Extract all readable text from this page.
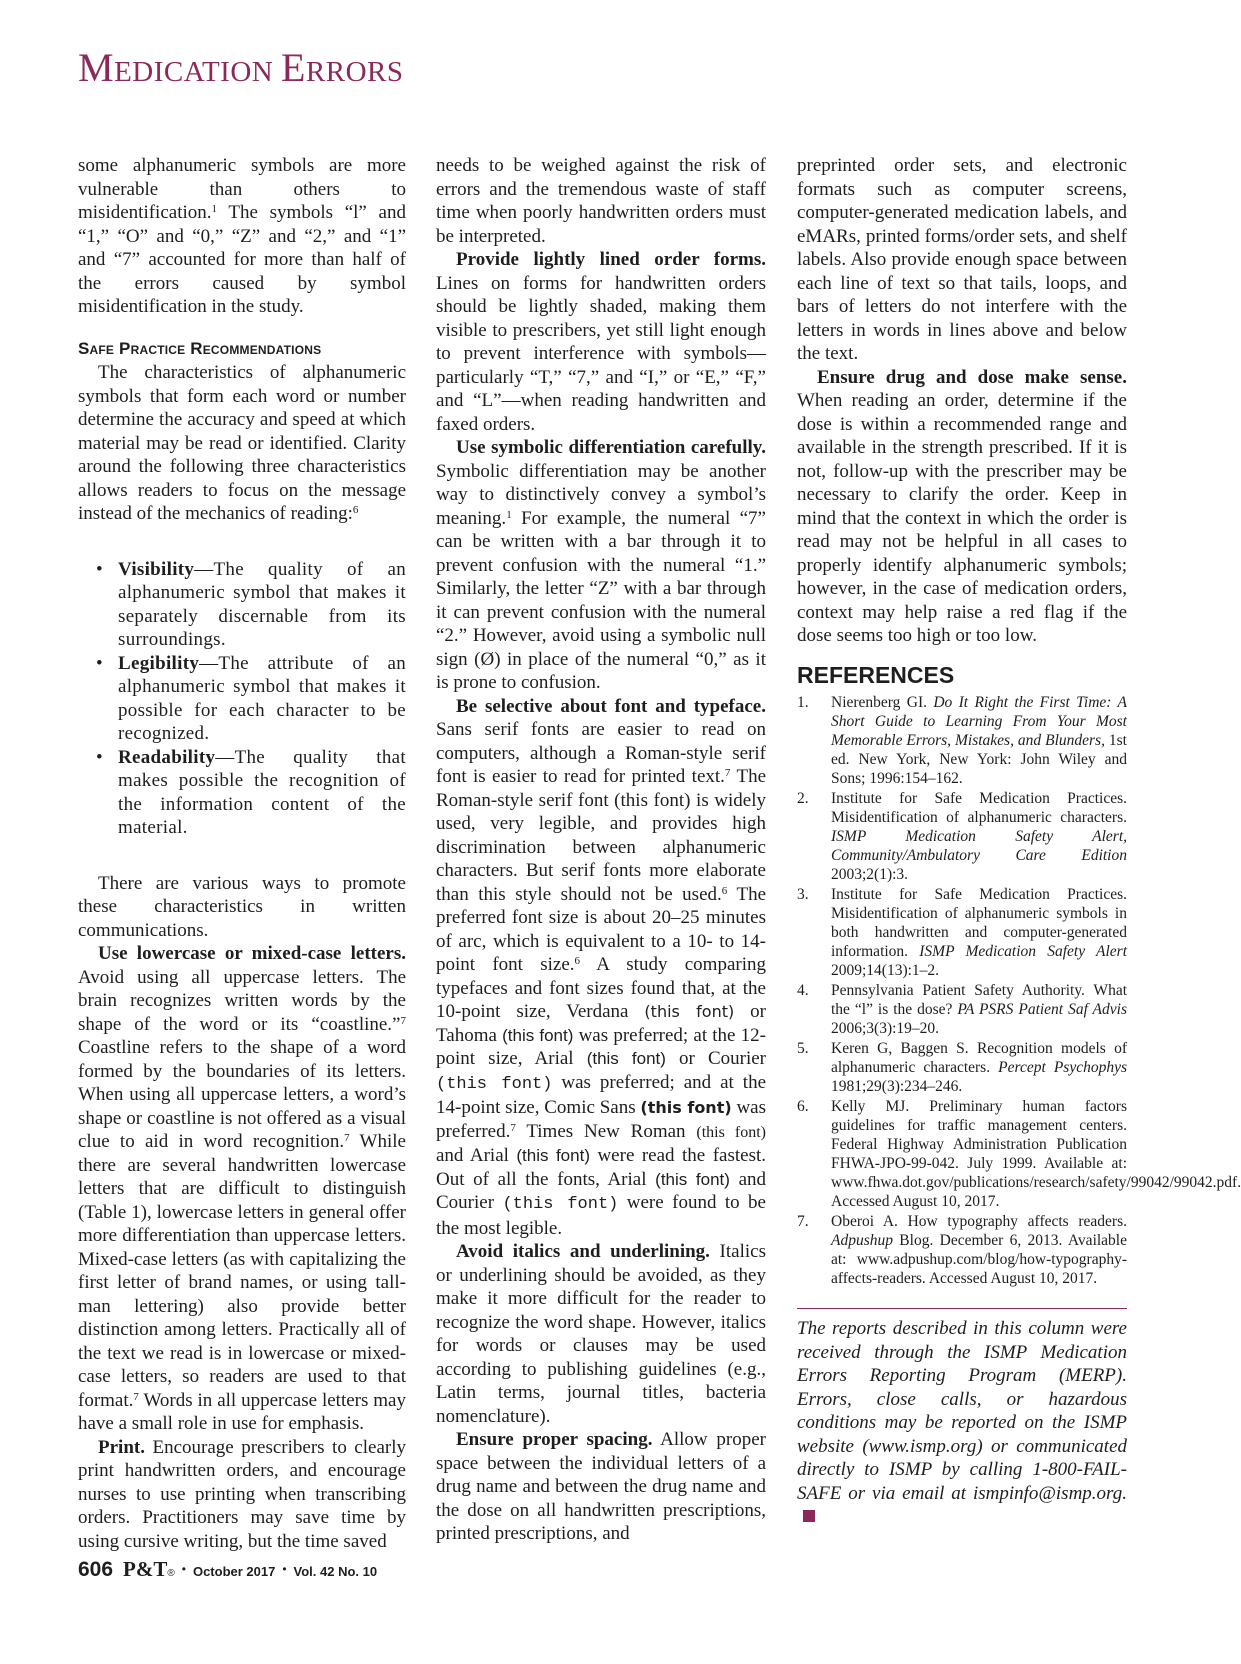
MEDICATION ERRORS

some alphanumeric symbols are more vulnerable than others to misidentification.$^1$ The symbols “l” and “1,” “O” and “0,” “Z” and “2,” and “1” and “7” accounted for more than half of the errors caused by symbol misidentification in the study.

Safe Practice Recommendations

The characteristics of alphanumeric symbols that form each word or number determine the accuracy and speed at which material may be read or identified. Clarity around the following three characteristics allows readers to focus on the message instead of the mechanics of reading:$^6$

• Visibility—The quality of an alphanumeric symbol that makes it separately discernable from its surroundings.
• Legibility—The attribute of an alphanumeric symbol that makes it possible for each character to be recognized.
• Readability—The quality that makes possible the recognition of the information content of the material.

There are various ways to promote these characteristics in written communications.

Use lowercase or mixed-case letters. Avoid using all uppercase letters. The brain recognizes written words by the shape of the word or its “coastline.”$^7$ Coastline refers to the shape of a word formed by the boundaries of its letters. When using all uppercase letters, a word’s shape or coastline is not offered as a visual clue to aid in word recognition.$^7$ While there are several handwritten lowercase letters that are difficult to distinguish (Table 1), lowercase letters in general offer more differentiation than uppercase letters. Mixed-case letters (as with capitalizing the first letter of brand names, or using tall-man lettering) also provide better distinction among letters. Practically all of the text we read is in lowercase or mixed-case letters, so readers are used to that format.$^7$ Words in all uppercase letters may have a small role in use for emphasis.

Print. Encourage prescribers to clearly print handwritten orders, and encourage nurses to use printing when transcribing orders. Practitioners may save time by using cursive writing, but the time saved

needs to be weighed against the risk of errors and the tremendous waste of staff time when poorly handwritten orders must be interpreted.

Provide lightly lined order forms. Lines on forms for handwritten orders should be lightly shaded, making them visible to prescribers, yet still light enough to prevent interference with symbols—particularly “T,” “7,” and “I,” or “E,” “F,” and “L”—when reading handwritten and faxed orders.

Use symbolic differentiation carefully. Symbolic differentiation may be another way to distinctively convey a symbol’s meaning.$^1$ For example, the numeral “7” can be written with a bar through it to prevent confusion with the numeral “1.” Similarly, the letter “Z” with a bar through it can prevent confusion with the numeral “2.” However, avoid using a symbolic null sign (Ø) in place of the numeral “0,” as it is prone to confusion.

Be selective about font and typeface. Sans serif fonts are easier to read on computers, although a Roman-style serif font is easier to read for printed text.$^7$ The Roman-style serif font (this font) is widely used, very legible, and provides high discrimination between alphanumeric characters. But serif fonts more elaborate than this style should not be used.$^6$ The preferred font size is about 20–25 minutes of arc, which is equivalent to a 10- to 14-point font size.$^6$ A study comparing typefaces and font sizes found that, at the 10-point size, Verdana (this font) or Tahoma (this font) was preferred; at the 12-point size, Arial (this font) or Courier (this font) was preferred; and at the 14-point size, Comic Sans (this font) was preferred.$^7$ Times New Roman (this font) and Arial (this font) were read the fastest. Out of all the fonts, Arial (this font) and Courier (this font) were found to be the most legible.

Avoid italics and underlining. Italics or underlining should be avoided, as they make it more difficult for the reader to recognize the word shape. However, italics for words or clauses may be used according to publishing guidelines (e.g., Latin terms, journal titles, bacteria nomenclature).

Ensure proper spacing. Allow proper space between the individual letters of a drug name and between the drug name and the dose on all handwritten prescriptions, printed prescriptions, and

preprinted order sets, and electronic formats such as computer screens, computer-generated medication labels, and eMARs, printed forms/order sets, and shelf labels. Also provide enough space between each line of text so that tails, loops, and bars of letters do not interfere with the letters in words in lines above and below the text.

Ensure drug and dose make sense. When reading an order, determine if the dose is within a recommended range and available in the strength prescribed. If it is not, follow-up with the prescriber may be necessary to clarify the order. Keep in mind that the context in which the order is read may not be helpful in all cases to properly identify alphanumeric symbols; however, in the case of medication orders, context may help raise a red flag if the dose seems too high or too low.

REFERENCES
1. Nierenberg GI. Do It Right the First Time: A Short Guide to Learning From Your Most Memorable Errors, Mistakes, and Blunders, 1st ed. New York, New York: John Wiley and Sons; 1996:154–162.
2. Institute for Safe Medication Practices. Misidentification of alphanumeric characters. ISMP Medication Safety Alert, Community/Ambulatory Care Edition 2003;2(1):3.
3. Institute for Safe Medication Practices. Misidentification of alphanumeric symbols in both handwritten and computer-generated information. ISMP Medication Safety Alert 2009;14(13):1–2.
4. Pennsylvania Patient Safety Authority. What the “l” is the dose? PA PSRS Patient Saf Advis 2006;3(3):19–20.
5. Keren G, Baggen S. Recognition models of alphanumeric characters. Percept Psychophys 1981;29(3):234–246.
6. Kelly MJ. Preliminary human factors guidelines for traffic management centers. Federal Highway Administration Publication FHWA-JPO-99-042. July 1999. Available at: www.fhwa.dot.gov/publications/research/safety/99042/99042.pdf. Accessed August 10, 2017.
7. Oberoi A. How typography affects readers. Adpushup Blog. December 6, 2013. Available at: www.adpushup.com/blog/how-typography-affects-readers. Accessed August 10, 2017.

The reports described in this column were received through the ISMP Medication Errors Reporting Program (MERP). Errors, close calls, or hazardous conditions may be reported on the ISMP website (www.ismp.org) or communicated directly to ISMP by calling 1-800-FAIL-SAFE or via email at ismpinfo@ismp.org.

606 P&T® • October 2017 • Vol. 42 No. 10
